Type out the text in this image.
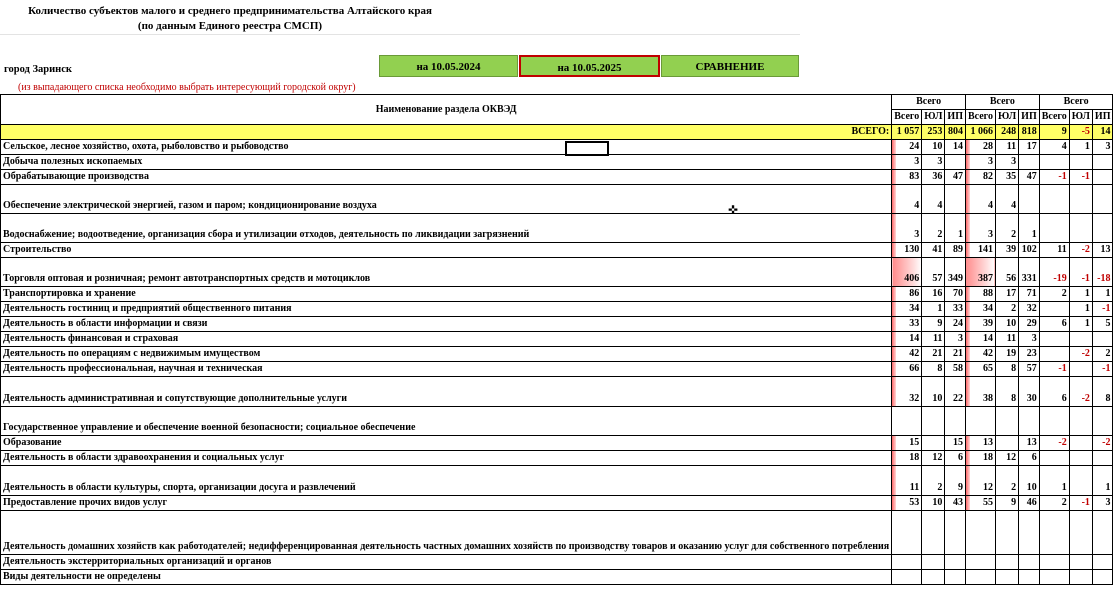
Количество субъектов малого и среднего предпринимательства Алтайского края
(по данным Единого реестра СМСП)
город Заринск
(из выпадающего списка необходимо выбрать интересующий городской округ)
на 10.05.2024	на 10.05.2025	СРАВНЕНИЕ
Наименование раздела ОКВЭД	Всего			Всего			Всего		
	Всего	ЮЛ	ИП	Всего	ЮЛ	ИП	Всего	ЮЛ	ИП
ВСЕГО:	1 057	253	804	1 066	248	818	9	-5	14
Сельское, лесное хозяйство, охота, рыболовство и рыбоводство	24	10	14	28	11	17	4	1	3
Добыча полезных ископаемых	3	3		3	3				
Обрабатывающие производства	83	36	47	82	35	47	-1	-1	
Обеспечение электрической энергией, газом и паром; кондиционирование воздуха	4	4		4	4				
Водоснабжение; водоотведение, организация сбора и утилизации отходов, деятельность по ликвидации загрязнений	3	2	1	3	2	1			
Строительство	130	41	89	141	39	102	11	-2	13
Торговля оптовая и розничная; ремонт автотранспортных средств и мотоциклов	406	57	349	387	56	331	-19	-1	-18
Транспортировка и хранение	86	16	70	88	17	71	2	1	1
Деятельность гостиниц и предприятий общественного питания	34	1	33	34	2	32		1	-1
Деятельность в области информации и связи	33	9	24	39	10	29	6	1	5
Деятельность финансовая и страховая	14	11	3	14	11	3			
Деятельность по операциям с недвижимым имуществом	42	21	21	42	19	23		-2	2
Деятельность профессиональная, научная и техническая	66	8	58	65	8	57	-1		-1
Деятельность административная и сопутствующие дополнительные услуги	32	10	22	38	8	30	6	-2	8
Государственное управление и обеспечение военной безопасности; социальное обеспечение									
Образование	15		15	13		13	-2		-2
Деятельность в области здравоохранения и социальных услуг	18	12	6	18	12	6			
Деятельность в области культуры, спорта, организации досуга и развлечений	11	2	9	12	2	10	1		1
Предоставление прочих видов услуг	53	10	43	55	9	46	2	-1	3
Деятельность домашних хозяйств как работодателей; недифференцированная деятельность частных домашних хозяйств по производству товаров и оказанию услуг для собственного потребления									
Деятельность экстерриториальных организаций и органов									
Виды деятельности не определены									
✜
